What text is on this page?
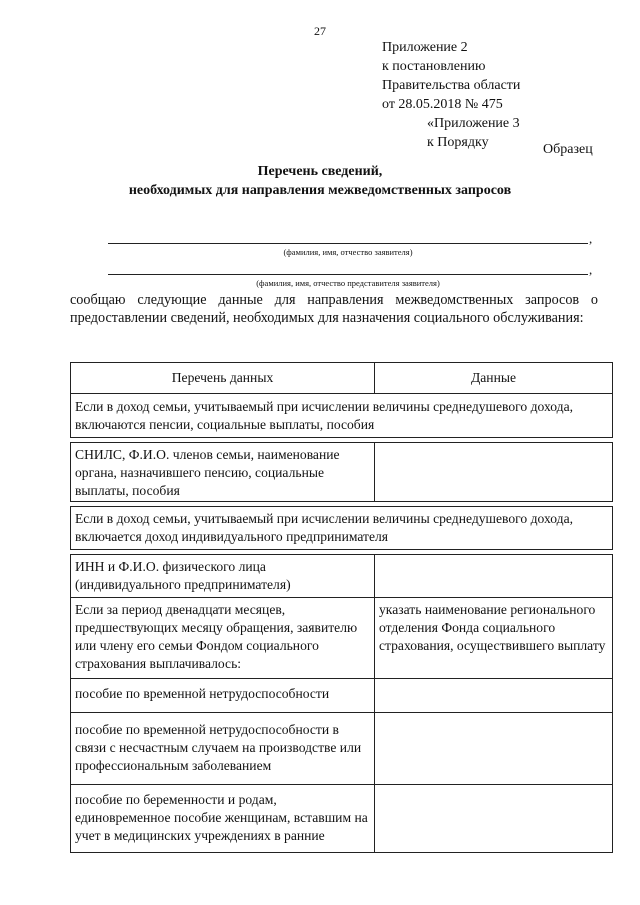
27
Приложение 2
к постановлению
Правительства области
от 28.05.2018 № 475
«Приложение 3
к Порядку	Образец
Перечень сведений,
необходимых для направления межведомственных запросов
,
(фамилия, имя, отчество заявителя)
,
(фамилия, имя, отчество представителя заявителя)
сообщаю следующие данные для направления межведомственных запросов о предоставлении сведений, необходимых для назначения социального обслуживания:
Перечень данных	Данные
Если в доход семьи, учитываемый при исчислении величины среднедушевого дохода, включаются пенсии, социальные выплаты, пособия	

СНИЛС, Ф.И.О. членов семьи, наименование органа, назначившего пенсию, социальные выплаты, пособия	

Если в доход семьи, учитываемый при исчислении величины среднедушевого дохода, включается доход индивидуального предпринимателя	

ИНН и Ф.И.О. физического лица (индивидуального предпринимателя)	
Если за период двенадцати месяцев, предшествующих месяцу обращения, заявителю или члену его семьи Фондом социального страхования выплачивалось:	указать наименование регионального отделения Фонда социального страхования, осуществившего выплату
пособие по временной нетрудоспособности	
пособие по временной нетрудоспособности в связи с несчастным случаем на производстве или профессиональным заболеванием	
пособие по беременности и родам, единовременное пособие женщинам, вставшим на учет в медицинских учреждениях в ранние	
